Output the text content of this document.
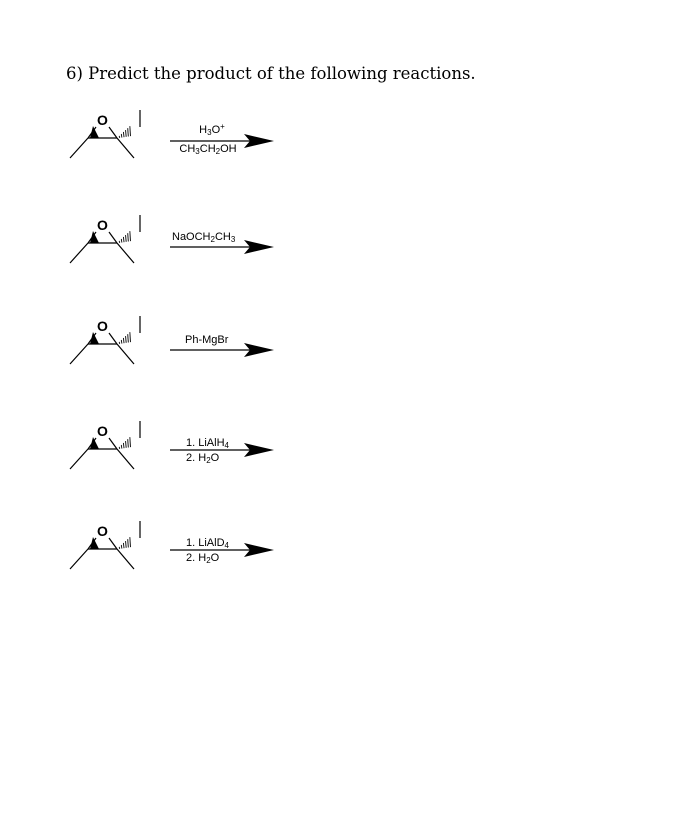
6) Predict the product of the following reactions.
O
$H_3O^+$
$CH_3CH_2OH$
O
$NaOCH_2CH_3$
O
Ph-MgBr
O
1. LiAlH$_4$
2. $H_2O$
O
1. LiAlD$_4$
2. $H_2O$
